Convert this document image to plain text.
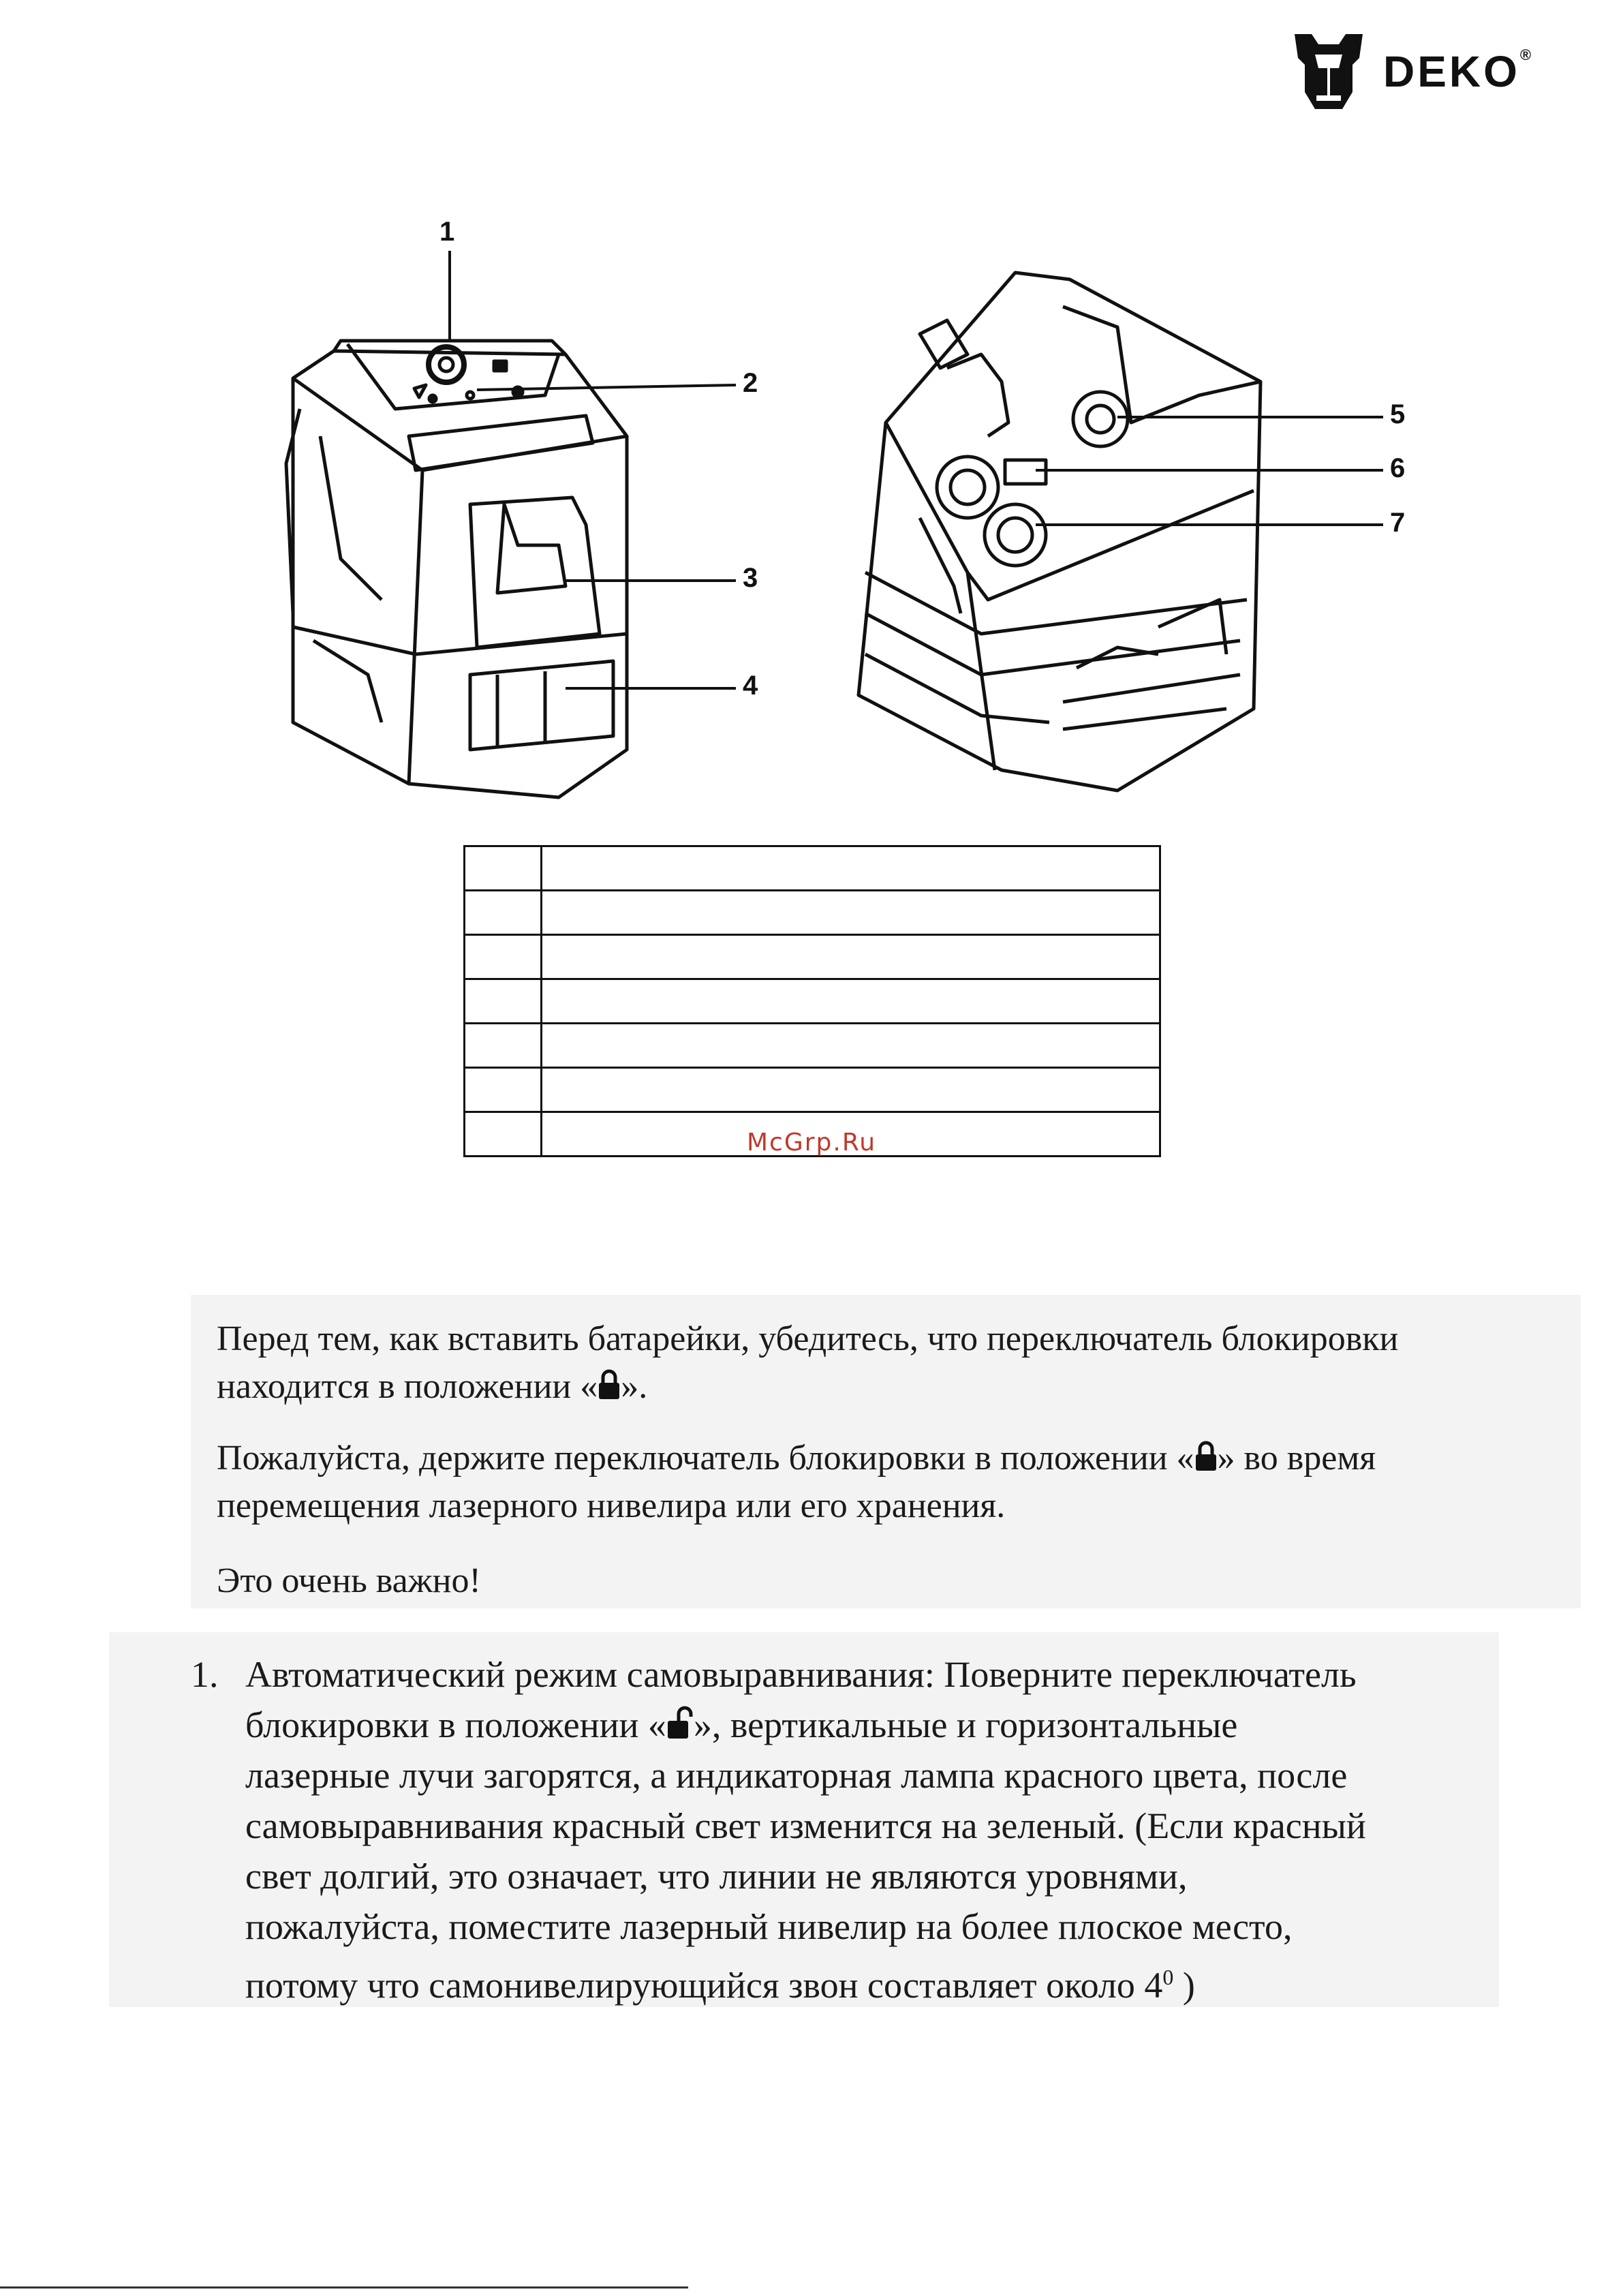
DEKO®
1
2
3
4
5
6
7

McGrp.Ru
Перед тем, как вставить батарейки, убедитесь, что переключатель блокировки
находится в положении « ».
Пожалуйста, держите переключатель блокировки в положении « » во время
перемещения лазерного нивелира или его хранения.
Это очень важно!
1. Автоматический режим самовыравнивания: Поверните переключатель
блокировки в положении « », вертикальные и горизонтальные
лазерные лучи загорятся, а индикаторная лампа красного цвета, после
самовыравнивания красный свет изменится на зеленый. (Если красный
свет долгий, это означает, что линии не являются уровнями,
пожалуйста, поместите лазерный нивелир на более плоское место,
потому что самонивелирующийся звон составляет около $4^0$ )
